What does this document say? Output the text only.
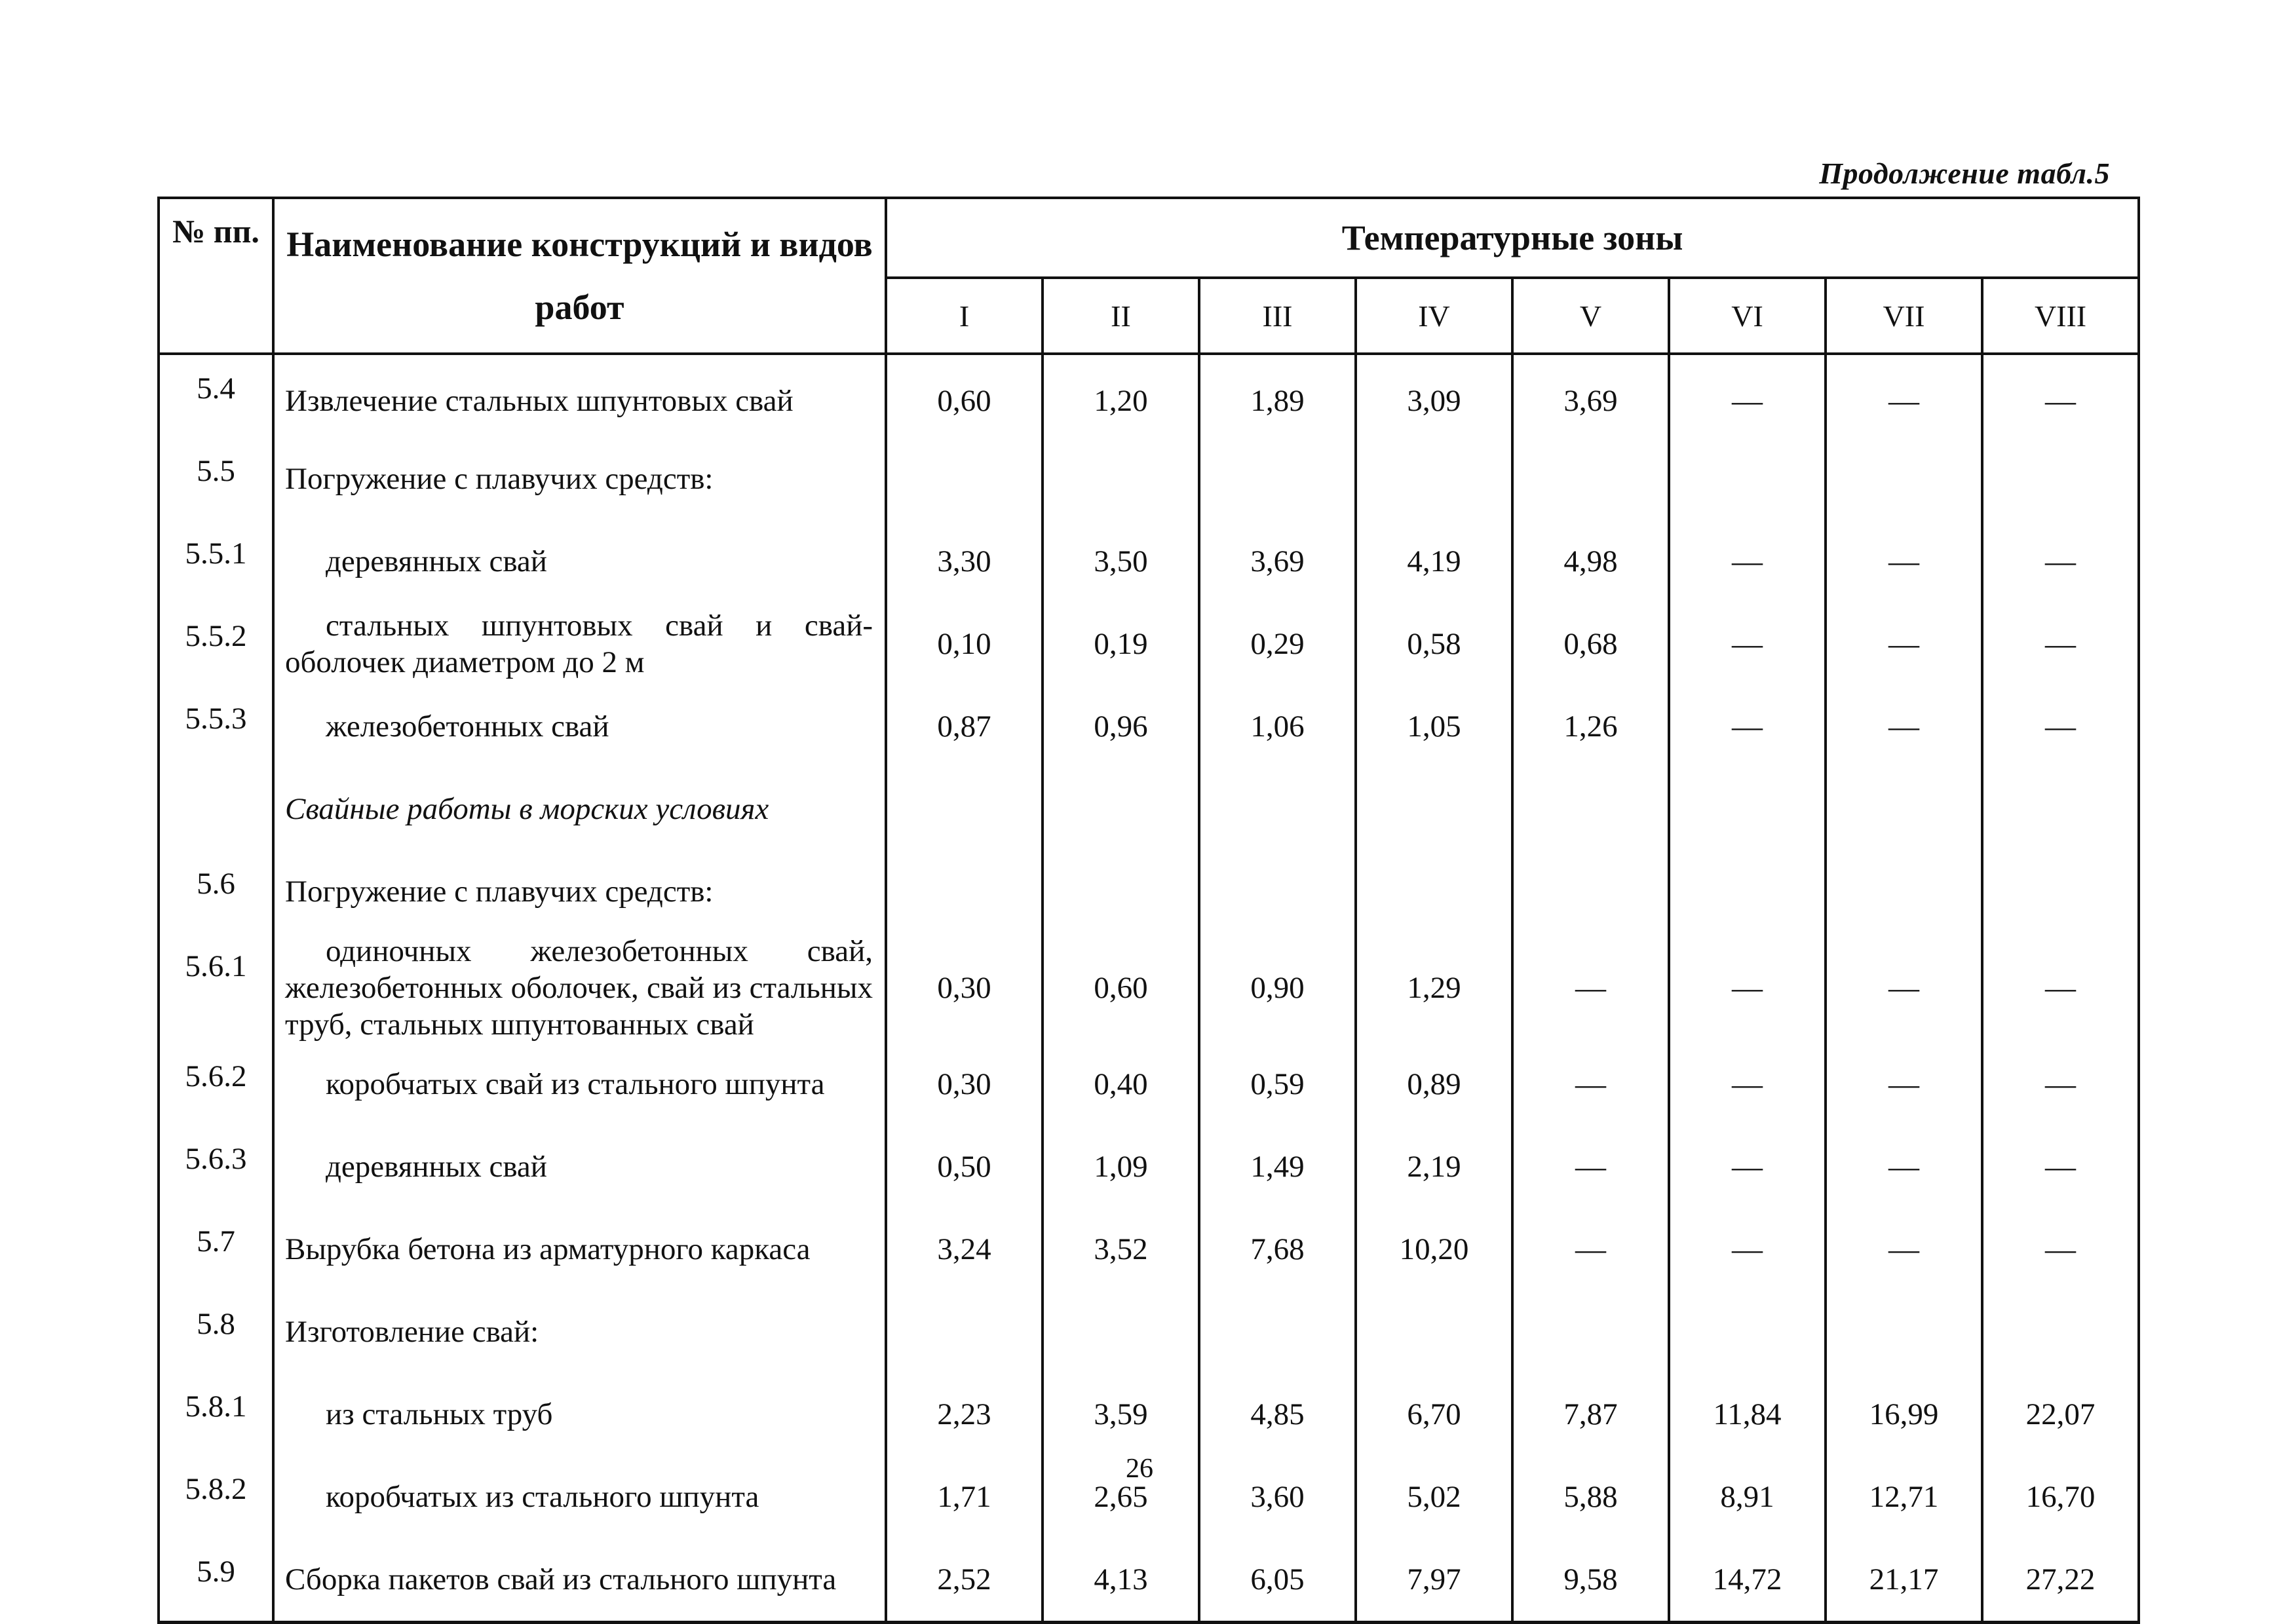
Продолжение табл.5
№ пп.	Наименование конструкций и видов работ	Температурные зоны							
		I	II	III	IV	V	VI	VII	VIII
5.4	Извлечение стальных шпунтовых свай	0,60	1,20	1,89	3,09	3,69	—	—	—
5.5	Погружение с плавучих средств:								
5.5.1	деревянных свай	3,30	3,50	3,69	4,19	4,98	—	—	—
5.5.2	стальных шпунтовых свай и свай-оболочек диаметром до 2 м	0,10	0,19	0,29	0,58	0,68	—	—	—
5.5.3	железобетонных свай	0,87	0,96	1,06	1,05	1,26	—	—	—
	Свайные работы в морских условиях								
5.6	Погружение с плавучих средств:								
5.6.1	одиночных железобетонных свай, железобетонных оболочек, свай из стальных труб, стальных шпунтованных свай	0,30	0,60	0,90	1,29	—	—	—	—
5.6.2	коробчатых свай из стального шпунта	0,30	0,40	0,59	0,89	—	—	—	—
5.6.3	деревянных свай	0,50	1,09	1,49	2,19	—	—	—	—
5.7	Вырубка бетона из арматурного каркаса	3,24	3,52	7,68	10,20	—	—	—	—
5.8	Изготовление свай:								
5.8.1	из стальных труб	2,23	3,59	4,85	6,70	7,87	11,84	16,99	22,07
5.8.2	коробчатых из стального шпунта	1,71	2,65	3,60	5,02	5,88	8,91	12,71	16,70
5.9	Сборка пакетов свай из стального шпунта	2,52	4,13	6,05	7,97	9,58	14,72	21,17	27,22
26
